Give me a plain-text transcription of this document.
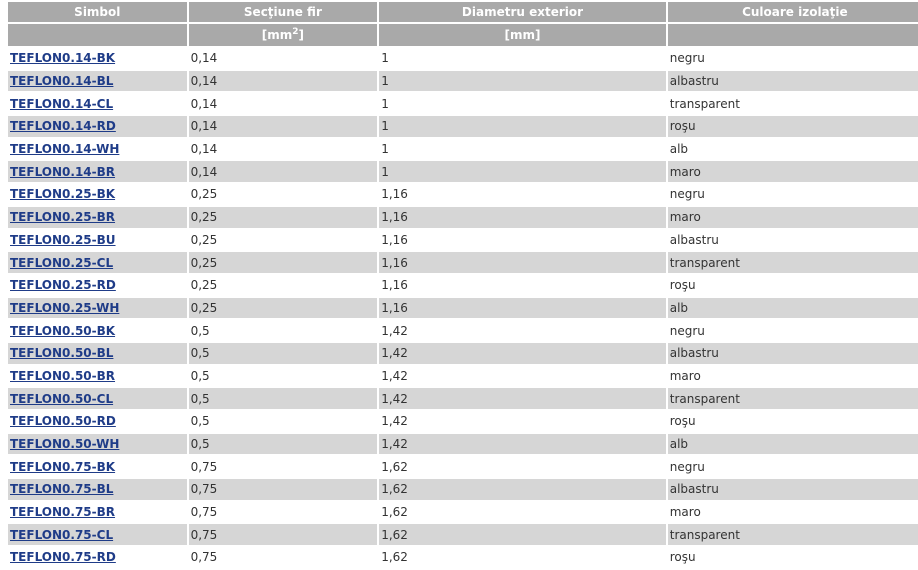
Simbol	Secţiune fir	Diametru exterior	Culoare izolaţie
	$[mm^2]$	[mm]	
TEFLON0.14-BK	0,14	1	negru
TEFLON0.14-BL	0,14	1	albastru
TEFLON0.14-CL	0,14	1	transparent
TEFLON0.14-RD	0,14	1	roşu
TEFLON0.14-WH	0,14	1	alb
TEFLON0.14-BR	0,14	1	maro
TEFLON0.25-BK	0,25	1,16	negru
TEFLON0.25-BR	0,25	1,16	maro
TEFLON0.25-BU	0,25	1,16	albastru
TEFLON0.25-CL	0,25	1,16	transparent
TEFLON0.25-RD	0,25	1,16	roşu
TEFLON0.25-WH	0,25	1,16	alb
TEFLON0.50-BK	0,5	1,42	negru
TEFLON0.50-BL	0,5	1,42	albastru
TEFLON0.50-BR	0,5	1,42	maro
TEFLON0.50-CL	0,5	1,42	transparent
TEFLON0.50-RD	0,5	1,42	roşu
TEFLON0.50-WH	0,5	1,42	alb
TEFLON0.75-BK	0,75	1,62	negru
TEFLON0.75-BL	0,75	1,62	albastru
TEFLON0.75-BR	0,75	1,62	maro
TEFLON0.75-CL	0,75	1,62	transparent
TEFLON0.75-RD	0,75	1,62	roşu
